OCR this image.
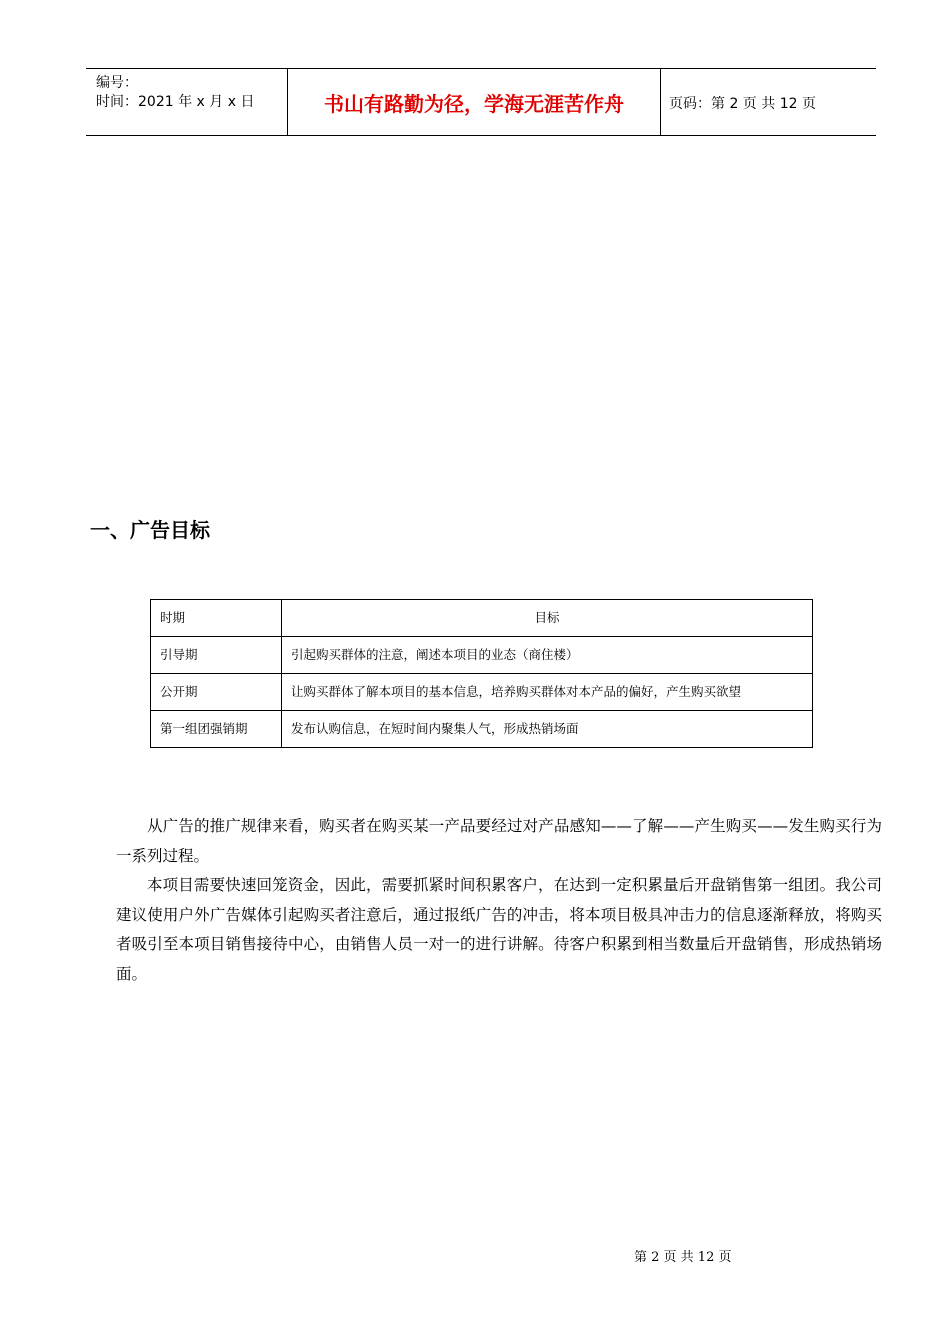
编号：
时间：2021 年 x 月 x 日	书山有路勤为径，学海无涯苦作舟	页码：第 2 页 共 12 页
一、广告目标
时期	目标
引导期	引起购买群体的注意，阐述本项目的业态（商住楼）
公开期	让购买群体了解本项目的基本信息，培养购买群体对本产品的偏好，产生购买欲望
第一组团强销期	发布认购信息，在短时间内聚集人气，形成热销场面

从广告的推广规律来看，购买者在购买某一产品要经过对产品感知——了解——产生购买——发生购买行为一系列过程。

本项目需要快速回笼资金，因此，需要抓紧时间积累客户，在达到一定积累量后开盘销售第一组团。我公司建议使用户外广告媒体引起购买者注意后，通过报纸广告的冲击，将本项目极具冲击力的信息逐渐释放，将购买者吸引至本项目销售接待中心，由销售人员一对一的进行讲解。待客户积累到相当数量后开盘销售，形成热销场面。

第 2 页 共 12 页
